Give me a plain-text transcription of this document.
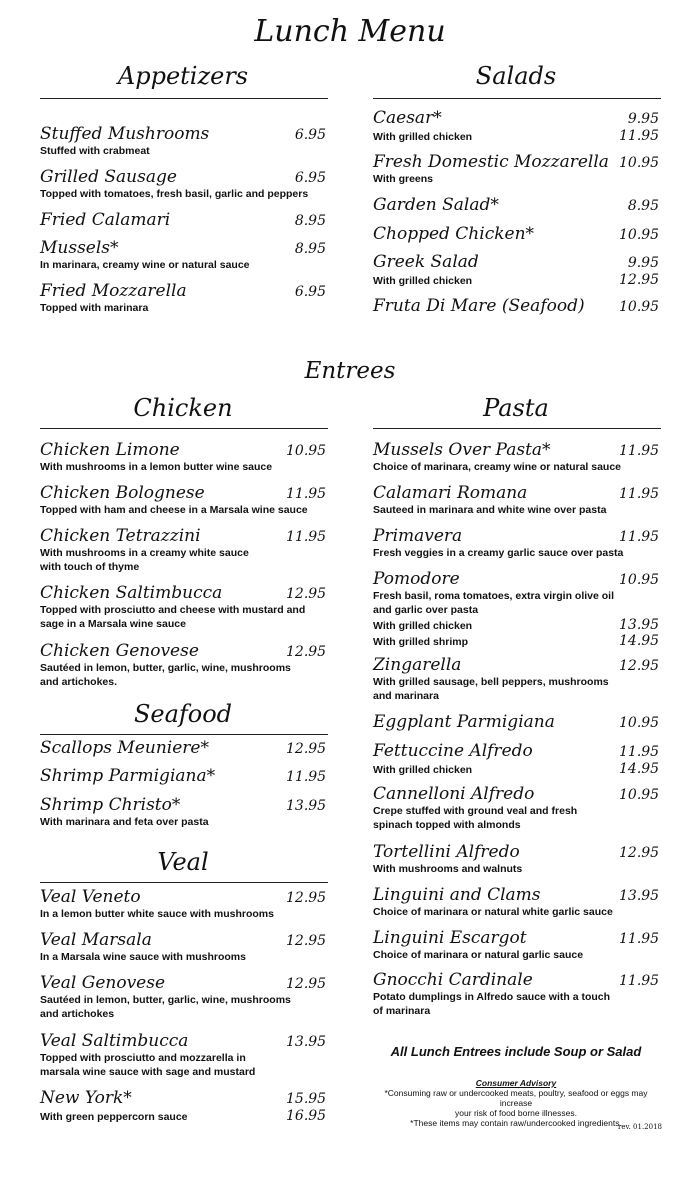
Lunch Menu
Appetizers
Stuffed Mushrooms	6.95
Stuffed with crabmeat
Grilled Sausage	6.95
Topped with tomatoes, fresh basil, garlic and peppers
Fried Calamari	8.95
Mussels*	8.95
In marinara, creamy wine or natural sauce
Fried Mozzarella	6.95
Topped with marinara
Salads
Caesar*	9.95
With grilled chicken	11.95
Fresh Domestic Mozzarella 10.95
With greens
Garden Salad*	8.95
Chopped Chicken*	10.95
Greek Salad	9.95
With grilled chicken	12.95
Fruta Di Mare (Seafood) 10.95
Entrees
Chicken
Chicken Limone	10.95
With mushrooms in a lemon butter wine sauce
Chicken Bolognese	11.95
Topped with ham and cheese in a Marsala wine sauce
Chicken Tetrazzini	11.95
With mushrooms in a creamy white sauce
with touch of thyme
Chicken Saltimbucca	12.95
Topped with prosciutto and cheese with mustard and
sage in a Marsala wine sauce
Chicken Genovese	12.95
Sautéed in lemon, butter, garlic, wine, mushrooms
and artichokes.
Seafood
Scallops Meuniere*	12.95
Shrimp Parmigiana*	11.95
Shrimp Christo*	13.95
With marinara and feta over pasta
Veal
Veal Veneto	12.95
In a lemon butter white sauce with mushrooms
Veal Marsala	12.95
In a Marsala wine sauce with mushrooms
Veal Genovese	12.95
Sautéed in lemon, butter, garlic, wine, mushrooms
and artichokes
Veal Saltimbucca	13.95
Topped with prosciutto and mozzarella in
marsala wine sauce with sage and mustard
New York*	15.95
With green peppercorn sauce	16.95
Pasta
Mussels Over Pasta*	11.95
Choice of marinara, creamy wine or natural sauce
Calamari Romana	11.95
Sauteed in marinara and white wine over pasta
Primavera	11.95
Fresh veggies in a creamy garlic sauce over pasta
Pomodore	10.95
Fresh basil, roma tomatoes, extra virgin olive oil
and garlic over pasta
With grilled chicken	13.95
With grilled shrimp	14.95
Zingarella	12.95
With grilled sausage, bell peppers, mushrooms
and marinara
Eggplant Parmigiana	10.95
Fettuccine Alfredo	11.95
With grilled chicken	14.95
Cannelloni Alfredo	10.95
Crepe stuffed with ground veal and fresh
spinach topped with almonds
Tortellini Alfredo	12.95
With mushrooms and walnuts
Linguini and Clams	13.95
Choice of marinara or natural white garlic sauce
Linguini Escargot	11.95
Choice of marinara or natural garlic sauce
Gnocchi Cardinale	11.95
Potato dumplings in Alfredo sauce with a touch
of marinara
All Lunch Entrees include Soup or Salad
Consumer Advisory
*Consuming raw or undercooked meats, poultry, seafood or eggs may increase
your risk of food borne illnesses.
*These items may contain raw/undercooked ingredients.
rev. 01.2018
